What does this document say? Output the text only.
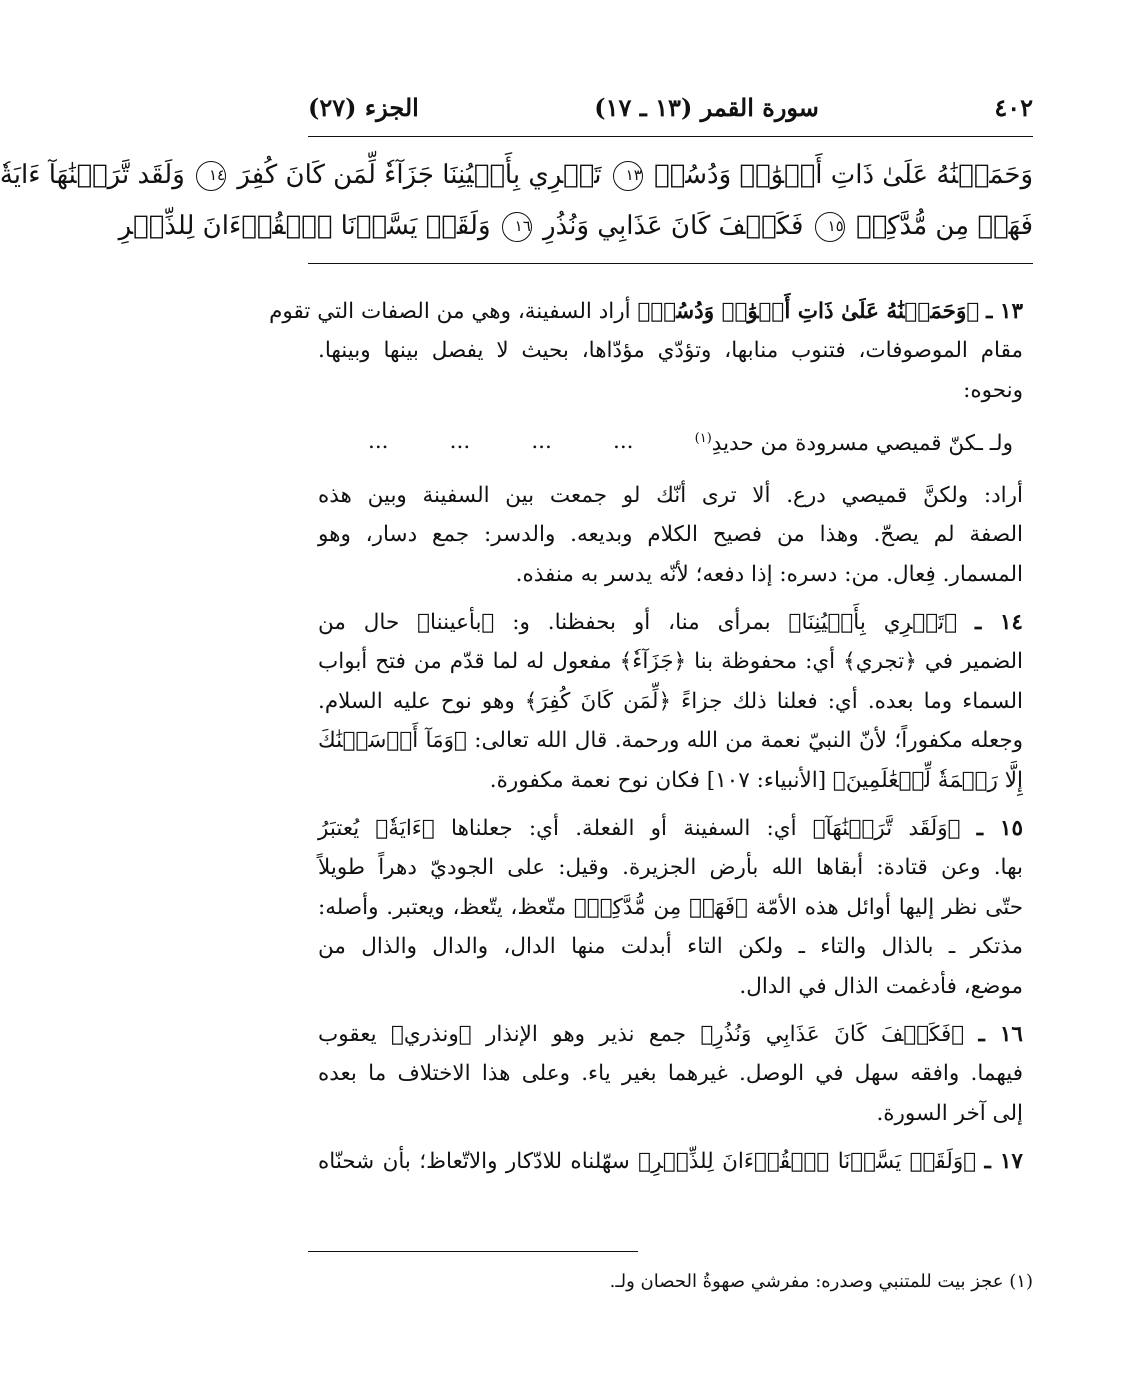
٤٠٢
سورة القمر (١٣ ـ ١٧)
الجزء (٢٧)
وَحَمَلۡنَٰهُ عَلَىٰ ذَاتِ أَلۡوَٰحٖ وَدُسُرٖ ١٣ تَجۡرِي بِأَعۡيُنِنَا جَزَآءٗ لِّمَن كَانَ كُفِرَ ١٤ وَلَقَد تَّرَكۡنَٰهَآ ءَايَةٗ
فَهَلۡ مِن مُّدَّكِرٖ ١٥ فَكَيۡفَ كَانَ عَذَابِي وَنُذُرِ ١٦ وَلَقَدۡ يَسَّرۡنَا ٱلۡقُرۡءَانَ لِلذِّكۡرِ

١٣ ـ ﴿وَحَمَلۡنَٰهُ عَلَىٰ ذَاتِ أَلۡوَٰحٖ وَدُسُرٖ﴾ أراد السفينة، وهي من الصفات التي تقوم
مقام الموصوفات، فتنوب منابها، وتؤدّي مؤدّاها، بحيث لا يفصل بينها وبينها.
ونحوه:

ولـ ـكنّ قميصي مسرودة من حديدِ$^{(١)}$
...
...
...
...

أراد: ولكنَّ قميصي درع. ألا ترى أنّك لو جمعت بين السفينة وبين هذه
الصفة لم يصحّ. وهذا من فصيح الكلام وبديعه. والدسر: جمع دسار، وهو
المسمار. فِعال. من: دسره: إذا دفعه؛ لأنّه يدسر به منفذه.

١٤ ـ ﴿تَجۡرِي بِأَعۡيُنِنَا﴾ بمرأى منا، أو بحفظنا. و: ﴿بأعيننا﴾ حال من
الضمير في ﴿تجري﴾ أي: محفوظة بنا ﴿جَزَآءٗ﴾ مفعول له لما قدّم من فتح أبواب
السماء وما بعده. أي: فعلنا ذلك جزاءً ﴿لِّمَن كَانَ كُفِرَ﴾ وهو نوح عليه السلام.
وجعله مكفوراً؛ لأنّ النبيّ نعمة من الله ورحمة. قال الله تعالى: ﴿وَمَآ أَرۡسَلۡنَٰكَ
إِلَّا رَحۡمَةٗ لِّلۡعَٰلَمِينَ﴾ [الأنبياء: ١٠٧] فكان نوح نعمة مكفورة.

١٥ ـ ﴿وَلَقَد تَّرَكۡنَٰهَآ﴾ أي: السفينة أو الفعلة. أي: جعلناها ﴿ءَايَةٗ﴾ يُعتبَرُ
بها. وعن قتادة: أبقاها الله بأرض الجزيرة. وقيل: على الجوديّ دهراً طويلاً
حتّى نظر إليها أوائل هذه الأمّة ﴿فَهَلۡ مِن مُّدَّكِرٖ﴾ متّعظ، يتّعظ، ويعتبر. وأصله:
مذتكر ـ بالذال والتاء ـ ولكن التاء أبدلت منها الدال، والدال والذال من
موضع، فأدغمت الذال في الدال.

١٦ ـ ﴿فَكَيۡفَ كَانَ عَذَابِي وَنُذُرِ﴾ جمع نذير وهو الإنذار ﴿ونذري﴾ يعقوب
فيهما. وافقه سهل في الوصل. غيرهما بغير ياء. وعلى هذا الاختلاف ما بعده
إلى آخر السورة.

١٧ ـ ﴿وَلَقَدۡ يَسَّرۡنَا ٱلۡقُرۡءَانَ لِلذِّكۡرِ﴾ سهّلناه للادّكار والاتّعاظ؛ بأن شحنّاه

(١) عجز بيت للمتنبي وصدره: مفرشي صهوةُ الحصان ولـ.
